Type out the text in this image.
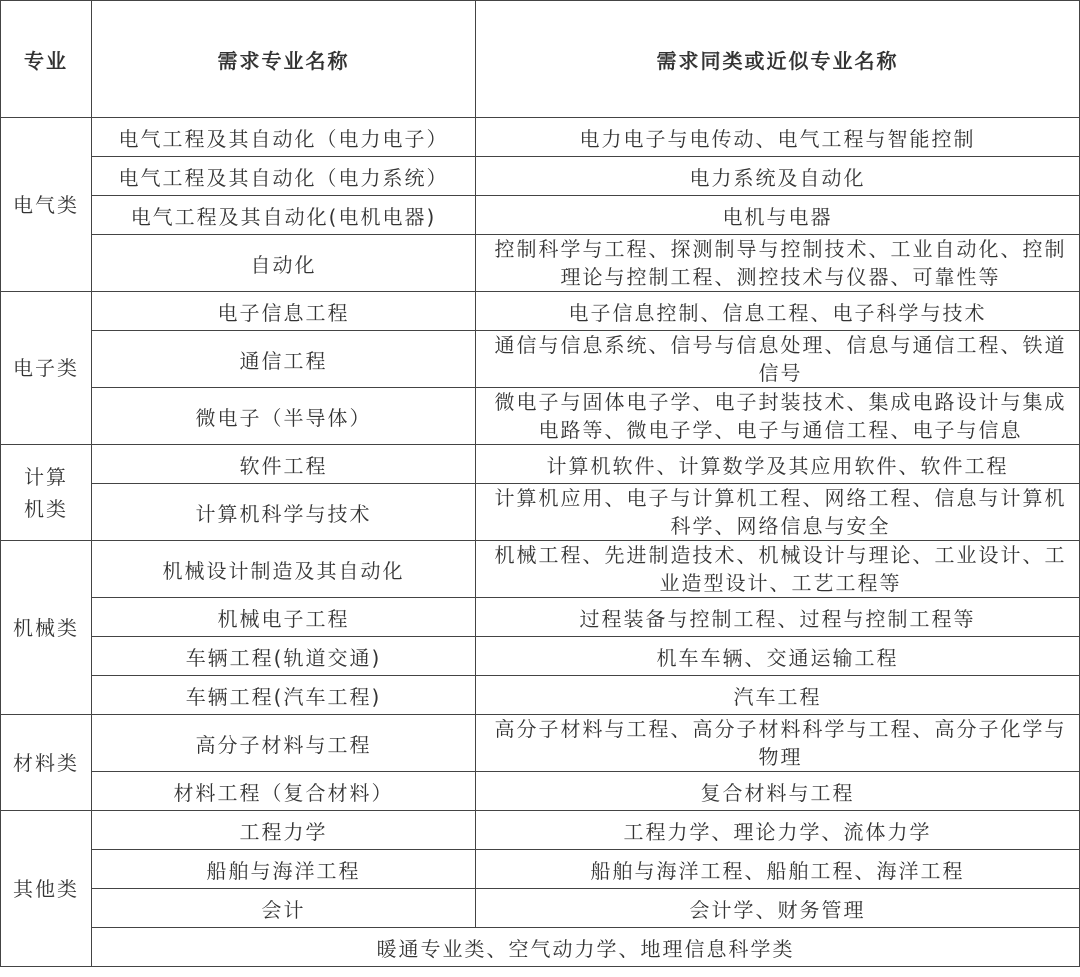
专业	需求专业名称	需求同类或近似专业名称
电气类	电气工程及其自动化（电力电子）	电力电子与电传动、电气工程与智能控制
	电气工程及其自动化（电力系统）	电力系统及自动化
	电气工程及其自动化(电机电器)	电机与电器
	自动化	控制科学与工程、探测制导与控制技术、工业自动化、控制理论与控制工程、测控技术与仪器、可靠性等
电子类	电子信息工程	电子信息控制、信息工程、电子科学与技术
	通信工程	通信与信息系统、信号与信息处理、信息与通信工程、铁道信号
	微电子（半导体）	微电子与固体电子学、电子封装技术、集成电路设计与集成电路等、微电子学、电子与通信工程、电子与信息
计算机类	软件工程	计算机软件、计算数学及其应用软件、软件工程
	计算机科学与技术	计算机应用、电子与计算机工程、网络工程、信息与计算机科学、网络信息与安全
机械类	机械设计制造及其自动化	机械工程、先进制造技术、机械设计与理论、工业设计、工业造型设计、工艺工程等
	机械电子工程	过程装备与控制工程、过程与控制工程等
	车辆工程(轨道交通)	机车车辆、交通运输工程
	车辆工程(汽车工程)	汽车工程
材料类	高分子材料与工程	高分子材料与工程、高分子材料科学与工程、高分子化学与物理
	材料工程（复合材料）	复合材料与工程
其他类	工程力学	工程力学、理论力学、流体力学
	船舶与海洋工程	船舶与海洋工程、船舶工程、海洋工程
	会计	会计学、财务管理
	暖通专业类、空气动力学、地理信息科学类	
